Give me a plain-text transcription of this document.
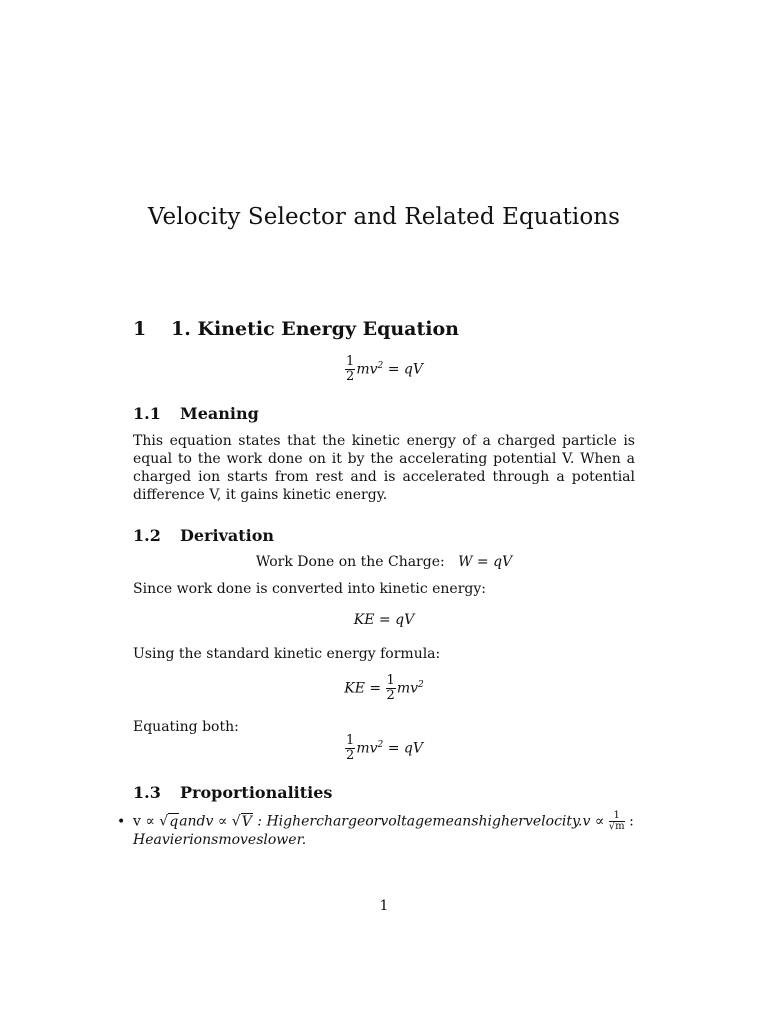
Velocity Selector and Related Equations
1 1. Kinetic Energy Equation
$\frac{1}{2} mv^2$ = qV
1.1 Meaning

This equation states that the kinetic energy of a charged particle is equal to the work done on it by the accelerating potential V. When a charged ion starts from rest and is accelerated through a potential difference V, it gains kinetic energy.

1.2 Derivation
Work Done on the Charge: W = qV

Since work done is converted into kinetic energy:

KE = qV

Using the standard kinetic energy formula:

KE = $\frac{1}{2} mv^2$

Equating both:

$\frac{1}{2} mv^2$ = qV
1.3 Proportionalities

• v ∝ √qandv ∝ √V : Higherchargeorvoltagemeanshighervelocity.v ∝ $\frac{1}{√m}$ :

Heavierionsmoveslower.

1
